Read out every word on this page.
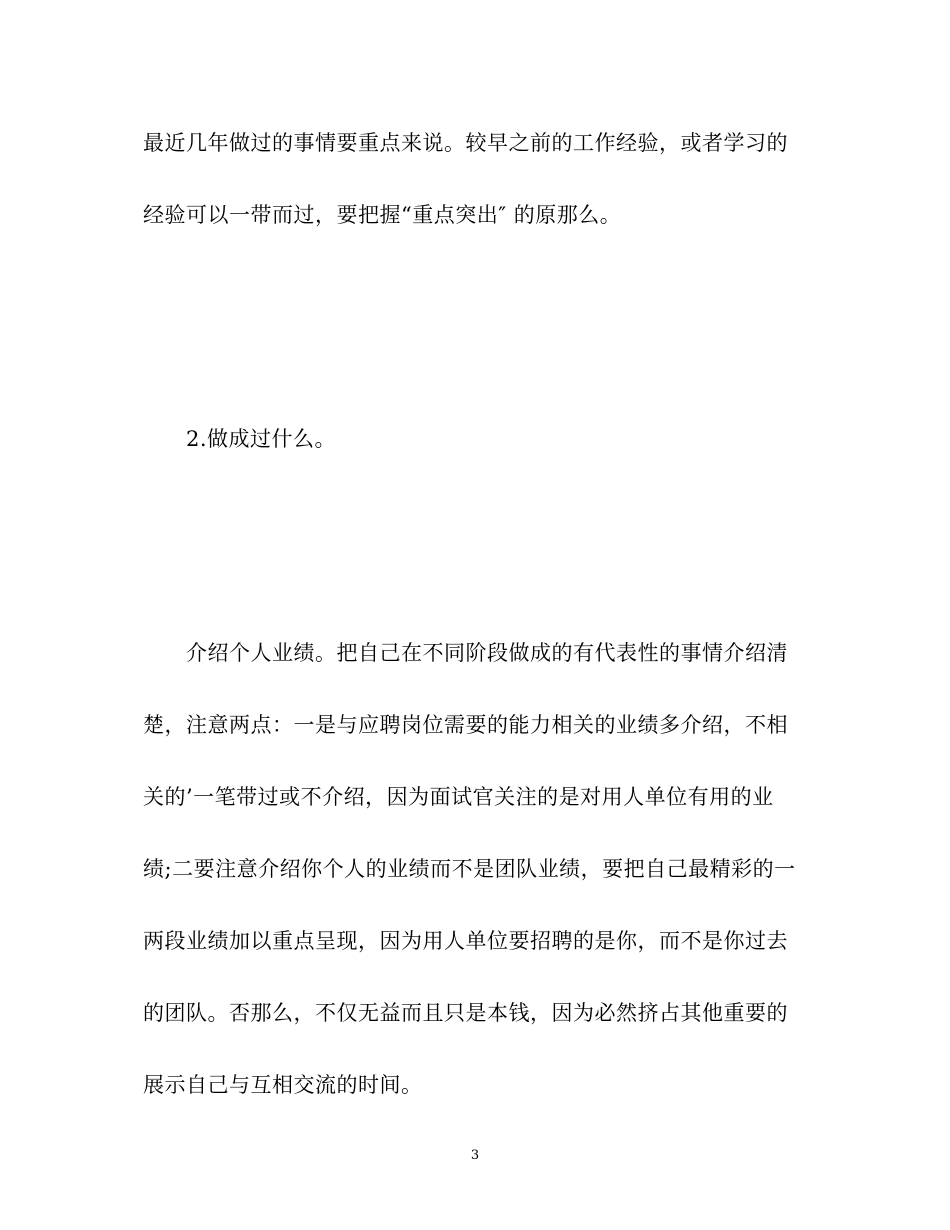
最近几年做过的事情要重点来说。较早之前的工作经验，或者学习的
经验可以一带而过，要把握“重点突出″ 的原那么。
2.做成过什么。
介绍个人业绩。把自己在不同阶段做成的有代表性的事情介绍清
楚，注意两点：一是与应聘岗位需要的能力相关的业绩多介绍，不相
关的’一笔带过或不介绍，因为面试官关注的是对用人单位有用的业
绩;二要注意介绍你个人的业绩而不是团队业绩，要把自己最精彩的一
两段业绩加以重点呈现，因为用人单位要招聘的是你，而不是你过去
的团队。否那么，不仅无益而且只是本钱，因为必然挤占其他重要的
展示自己与互相交流的时间。
3
